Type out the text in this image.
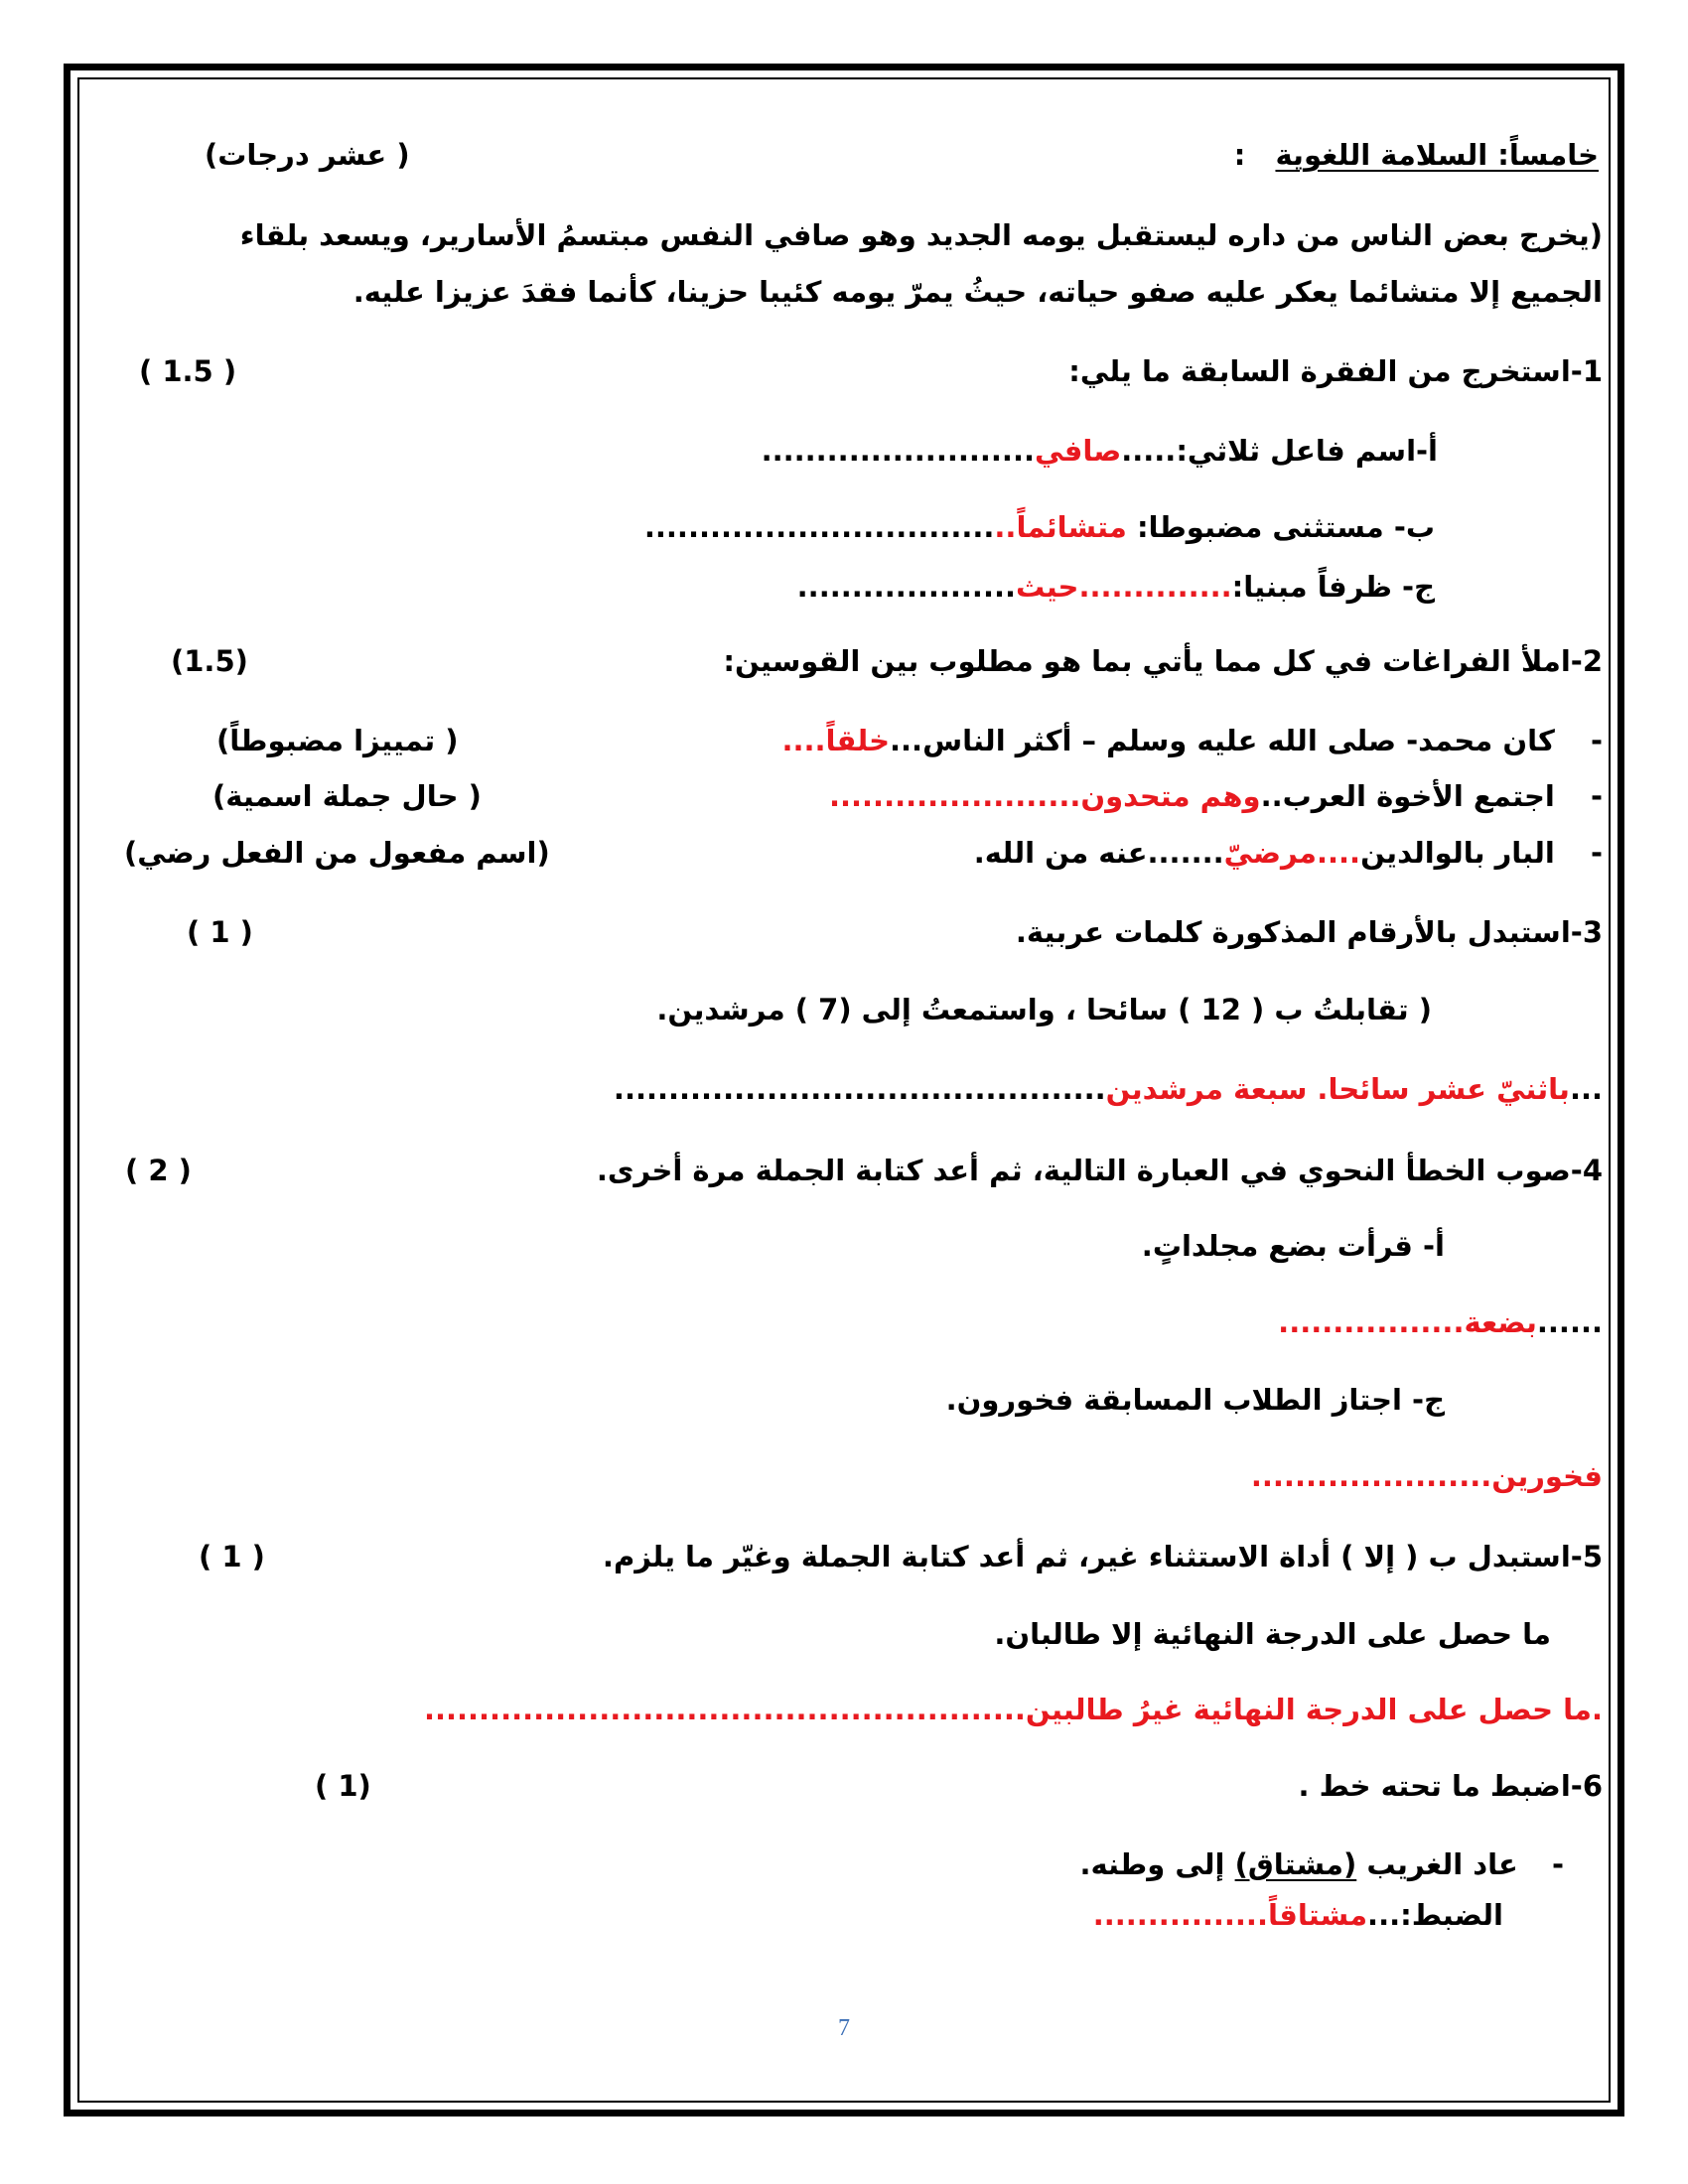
خامساً: السلامة اللغوية :
( عشر درجات)
(يخرج بعض الناس من داره ليستقبل يومه الجديد وهو صافي النفس مبتسمُ الأسارير، ويسعد بلقاء
الجميع إلا متشائما يعكر عليه صفو حياته، حيثُ يمرّ يومه كئيبا حزينا، كأنما فقدَ عزيزا عليه.
1-استخرج من الفقرة السابقة ما يلي:
( 1.5 )
أ-اسم فاعل ثلاثي:.....صافي.........................
ب- مستثنى مضبوطا: متشائماً..................................
ج- ظرفاً مبنيا:..............حيث....................
2-املأ الفراغات في كل مما يأتي بما هو مطلوب بين القوسين:
(1.5)
- كان محمد- صلى الله عليه وسلم – أكثر الناس...خلقاً....
( تمييزا مضبوطاً)
- اجتمع الأخوة العرب..وهم متحدون.......................
( حال جملة اسمية)
- البار بالوالدين....مرضيّ.......عنه من الله.
(اسم مفعول من الفعل رضي)
3-استبدل بالأرقام المذكورة كلمات عربية.
( 1 )
( تقابلتُ ب ( 12 ) سائحا ، واستمعتُ إلى (7 ) مرشدين.
...باثنيّ عشر سائحا. سبعة مرشدين.............................................
4-صوب الخطأ النحوي في العبارة التالية، ثم أعد كتابة الجملة مرة أخرى.
( 2 )
أ- قرأت بضع مجلداتٍ.
......بضعة.................
ج- اجتاز الطلاب المسابقة فخورون.
فخورين......................
5-استبدل ب ( إلا ) أداة الاستثناء غير، ثم أعد كتابة الجملة وغيّر ما يلزم.
( 1 )
ما حصل على الدرجة النهائية إلا طالبان.
.ما حصل على الدرجة النهائية غيرُ طالبين.......................................................
6-اضبط ما تحته خط .
(1 )
- عاد الغريب (مشتاق) إلى وطنه.
الضبط:...مشتاقاً................
7
